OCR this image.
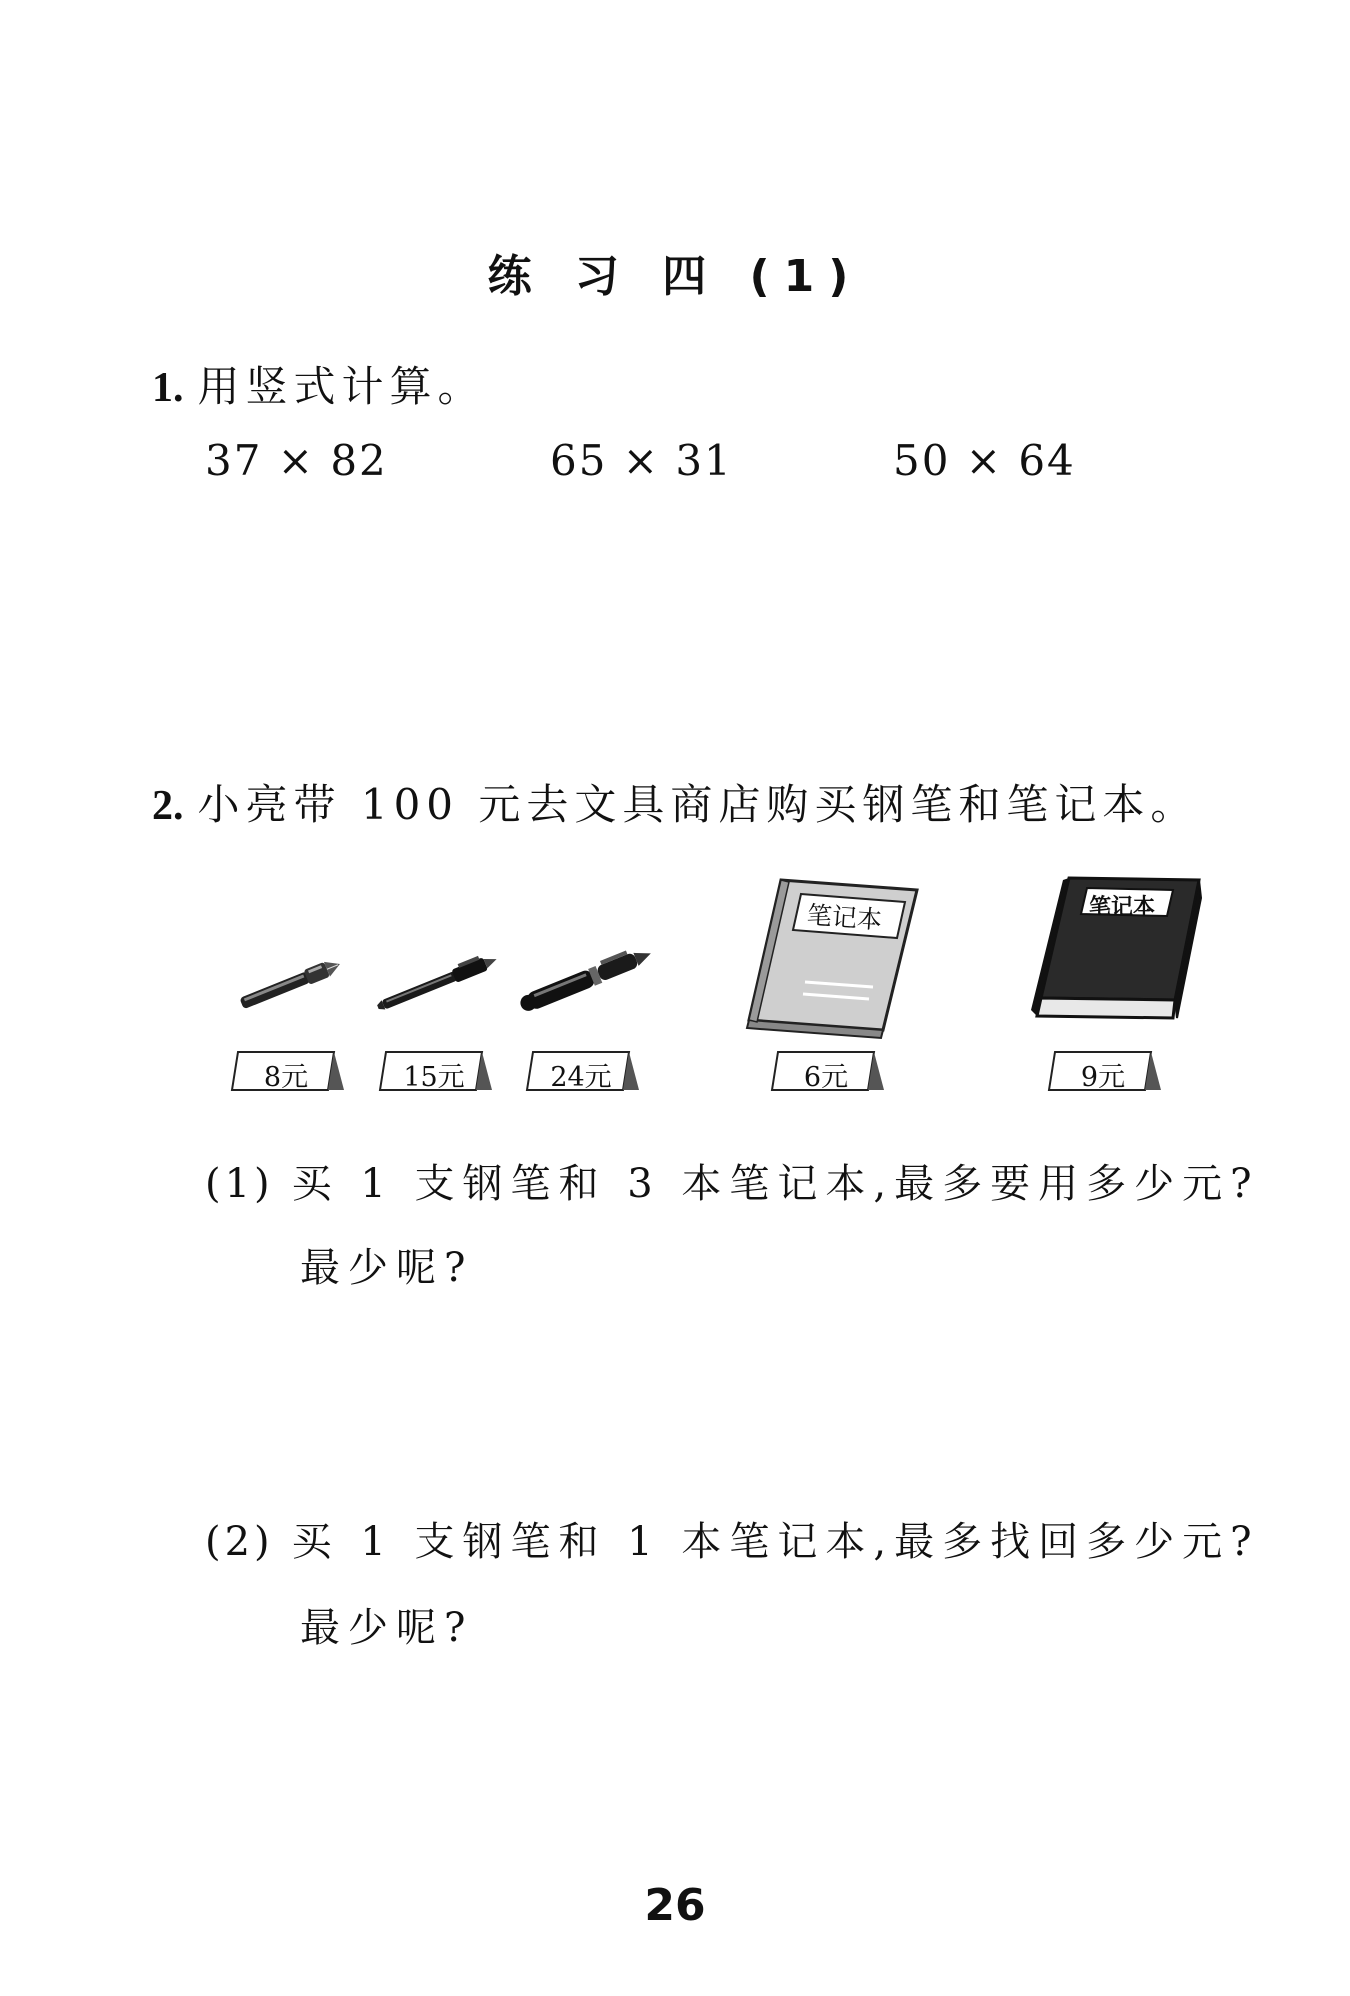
练 习 四 (1)
1. 用竖式计算。
37 × 82	65 × 31	50 × 64
2. 小亮带 100 元去文具商店购买钢笔和笔记本。
8元	15元	24元
笔记本
6元
笔记本
9元
(1) 买 1 支钢笔和 3 本笔记本,最多要用多少元?
最少呢?
(2) 买 1 支钢笔和 1 本笔记本,最多找回多少元?
最少呢?
26
